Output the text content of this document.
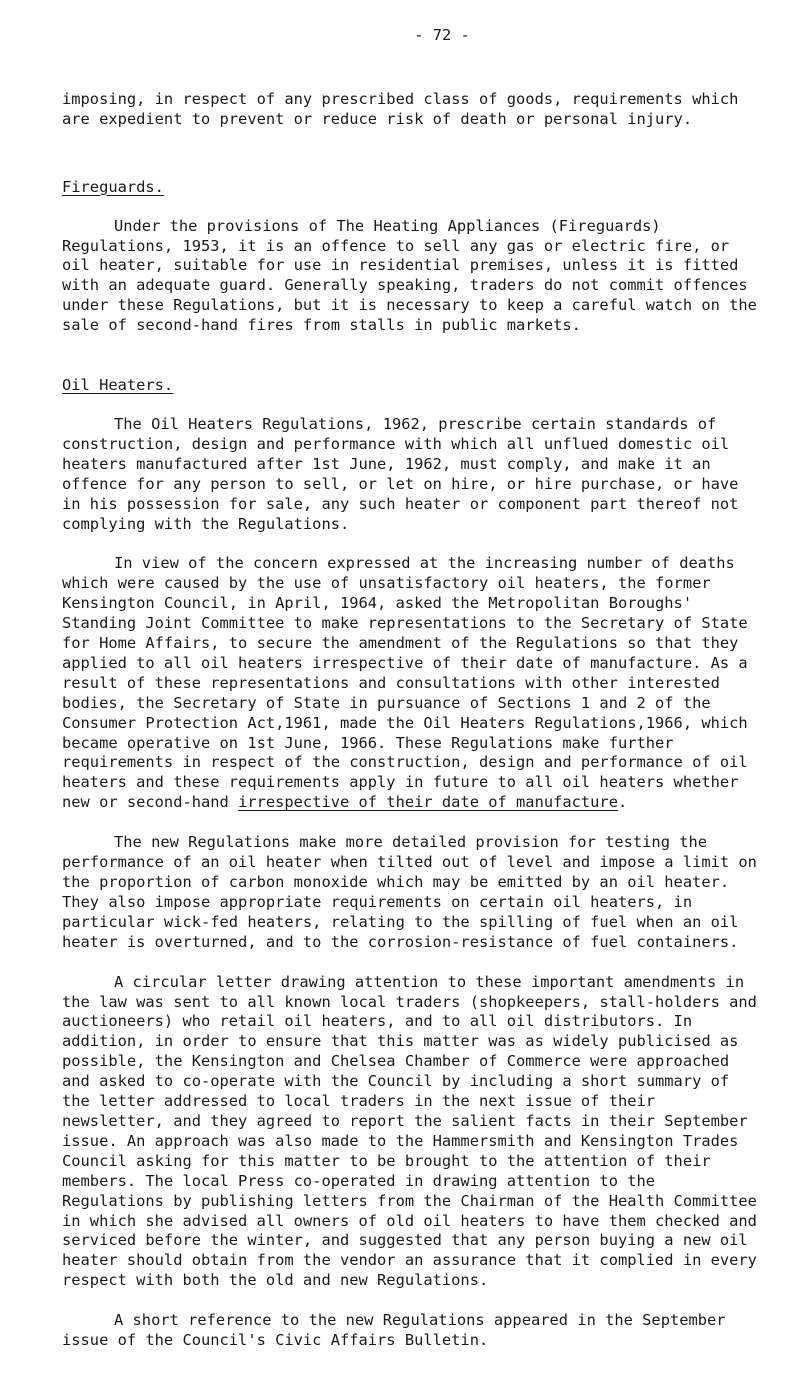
- 72 -

imposing, in respect of any prescribed class of goods, requirements which are expedient to prevent or reduce risk of death or personal injury.

Fireguards.

Under the provisions of The Heating Appliances (Fireguards) Regulations, 1953, it is an offence to sell any gas or electric fire, or oil heater, suitable for use in residential premises, unless it is fitted with an adequate guard. Generally speaking, traders do not commit offences under these Regulations, but it is necessary to keep a careful watch on the sale of second-hand fires from stalls in public markets.

Oil Heaters.

The Oil Heaters Regulations, 1962, prescribe certain standards of construction, design and performance with which all unflued domestic oil heaters manufactured after 1st June, 1962, must comply, and make it an offence for any person to sell, or let on hire, or hire purchase, or have in his possession for sale, any such heater or component part thereof not complying with the Regulations.

In view of the concern expressed at the increasing number of deaths which were caused by the use of unsatisfactory oil heaters, the former Kensington Council, in April, 1964, asked the Metropolitan Boroughs' Standing Joint Committee to make representations to the Secretary of State for Home Affairs, to secure the amendment of the Regulations so that they applied to all oil heaters irrespective of their date of manufacture. As a result of these representations and consultations with other interested bodies, the Secretary of State in pursuance of Sections 1 and 2 of the Consumer Protection Act,1961, made the Oil Heaters Regulations,1966, which became operative on 1st June, 1966. These Regulations make further requirements in respect of the construction, design and performance of oil heaters and these requirements apply in future to all oil heaters whether new or second-hand irrespective of their date of manufacture.

The new Regulations make more detailed provision for testing the performance of an oil heater when tilted out of level and impose a limit on the proportion of carbon monoxide which may be emitted by an oil heater. They also impose appropriate requirements on certain oil heaters, in particular wick-fed heaters, relating to the spilling of fuel when an oil heater is overturned, and to the corrosion-resistance of fuel containers.

A circular letter drawing attention to these important amendments in the law was sent to all known local traders (shopkeepers, stall-holders and auctioneers) who retail oil heaters, and to all oil distributors. In addition, in order to ensure that this matter was as widely publicised as possible, the Kensington and Chelsea Chamber of Commerce were approached and asked to co-operate with the Council by including a short summary of the letter addressed to local traders in the next issue of their newsletter, and they agreed to report the salient facts in their September issue. An approach was also made to the Hammersmith and Kensington Trades Council asking for this matter to be brought to the attention of their members. The local Press co-operated in drawing attention to the Regulations by publishing letters from the Chairman of the Health Committee in which she advised all owners of old oil heaters to have them checked and serviced before the winter, and suggested that any person buying a new oil heater should obtain from the vendor an assurance that it complied in every respect with both the old and new Regulations.

A short reference to the new Regulations appeared in the September issue of the Council's Civic Affairs Bulletin.
